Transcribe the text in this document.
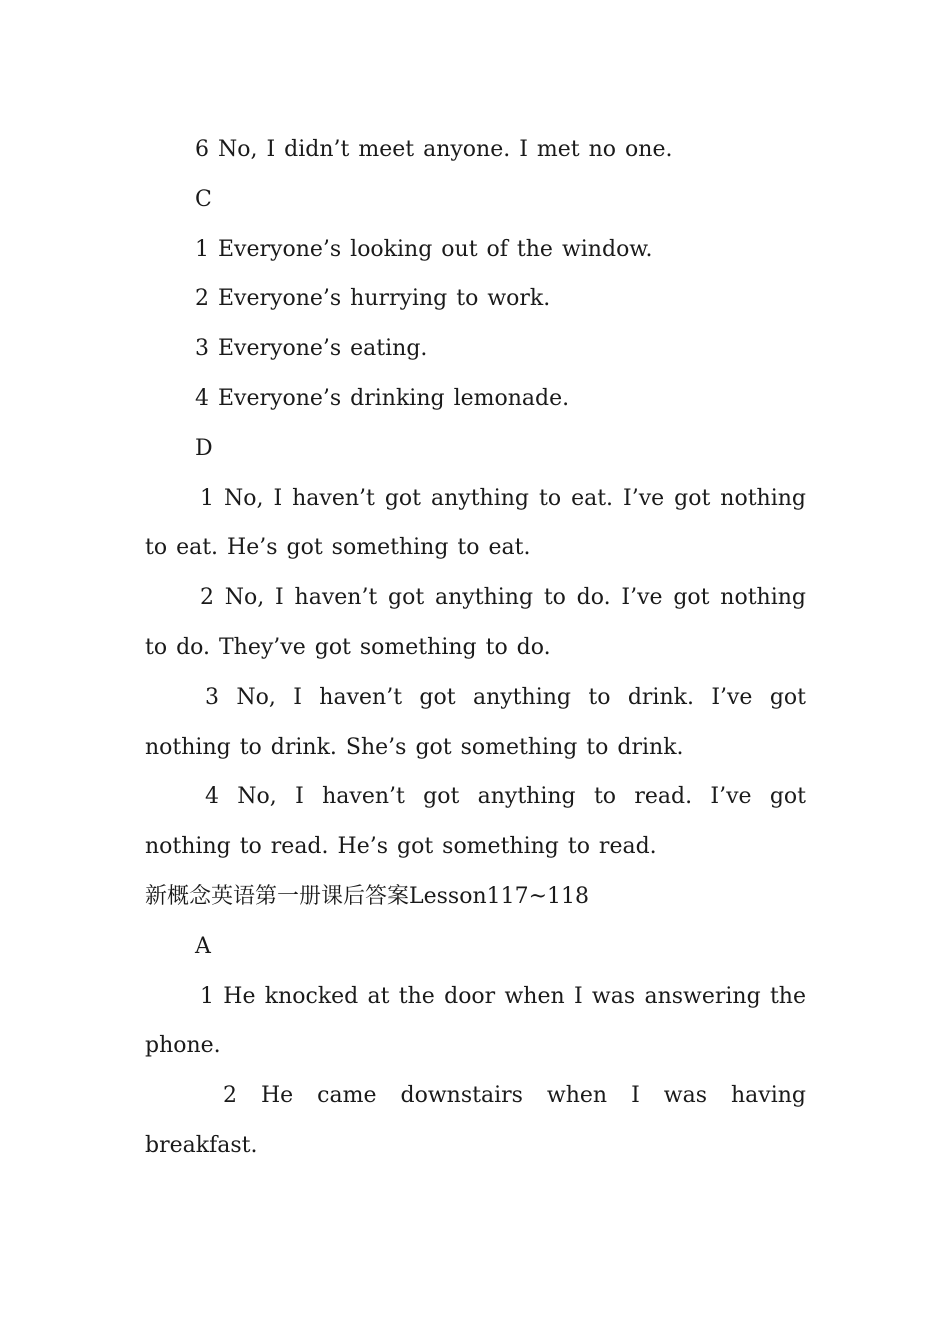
6 No, I didn’t meet anyone. I met no one.

C

1 Everyone’s looking out of the window.

2 Everyone’s hurrying to work.

3 Everyone’s eating.

4 Everyone’s drinking lemonade.

D

1 No, I haven’t got anything to eat. I’ve got nothing to eat. He’s got something to eat.

2 No, I haven’t got anything to do. I’ve got nothing to do. They’ve got something to do.

3 No, I haven’t got anything to drink. I’ve got nothing to drink. She’s got something to drink.

4 No, I haven’t got anything to read. I’ve got nothing to read. He’s got something to read.

新概念英语第一册课后答案Lesson117~118

A

1 He knocked at the door when I was answering the phone.

2 He came downstairs when I was having breakfast.
